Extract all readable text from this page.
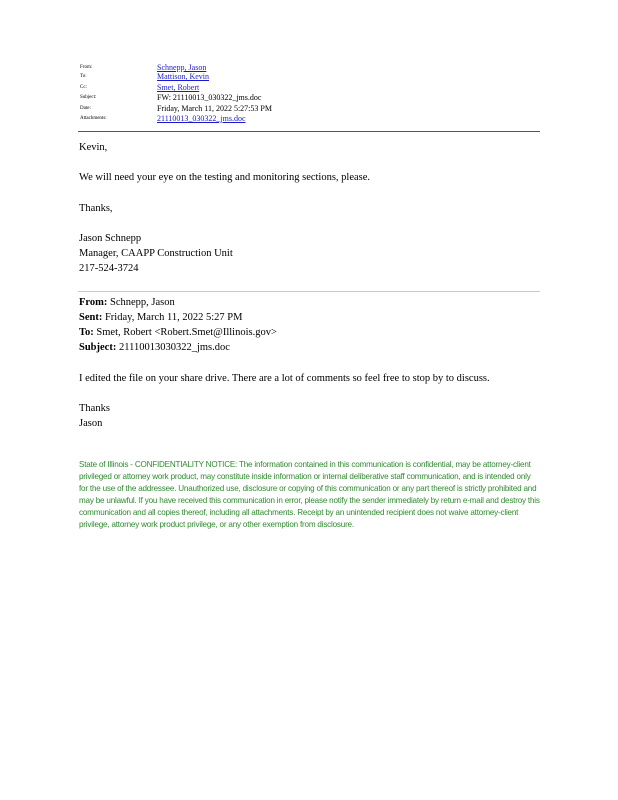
From:	Schnepp, Jason
To:	Mattison, Kevin
Cc:	Smet, Robert
Subject:	FW: 21110013_030322_jms.doc
Date:	Friday, March 11, 2022 5:27:53 PM
Attachments:	21110013_030322_jms.doc
Kevin,
We will need your eye on the testing and monitoring sections, please.
Thanks,
Jason Schnepp
Manager, CAAPP Construction Unit
217-524-3724
From: Schnepp, Jason
Sent: Friday, March 11, 2022 5:27 PM
To: Smet, Robert <Robert.Smet@Illinois.gov>
Subject: 21110013030322_jms.doc
I edited the file on your share drive. There are a lot of comments so feel free to stop by to discuss.
Thanks
Jason
State of Illinois - CONFIDENTIALITY NOTICE: The information contained in this communication is confidential, may be attorney-client privileged or attorney work product, may constitute inside information or internal deliberative staff communication, and is intended only for the use of the addressee. Unauthorized use, disclosure or copying of this communication or any part thereof is strictly prohibited and may be unlawful. If you have received this communication in error, please notify the sender immediately by return e-mail and destroy this communication and all copies thereof, including all attachments. Receipt by an unintended recipient does not waive attorney-client privilege, attorney work product privilege, or any other exemption from disclosure.
